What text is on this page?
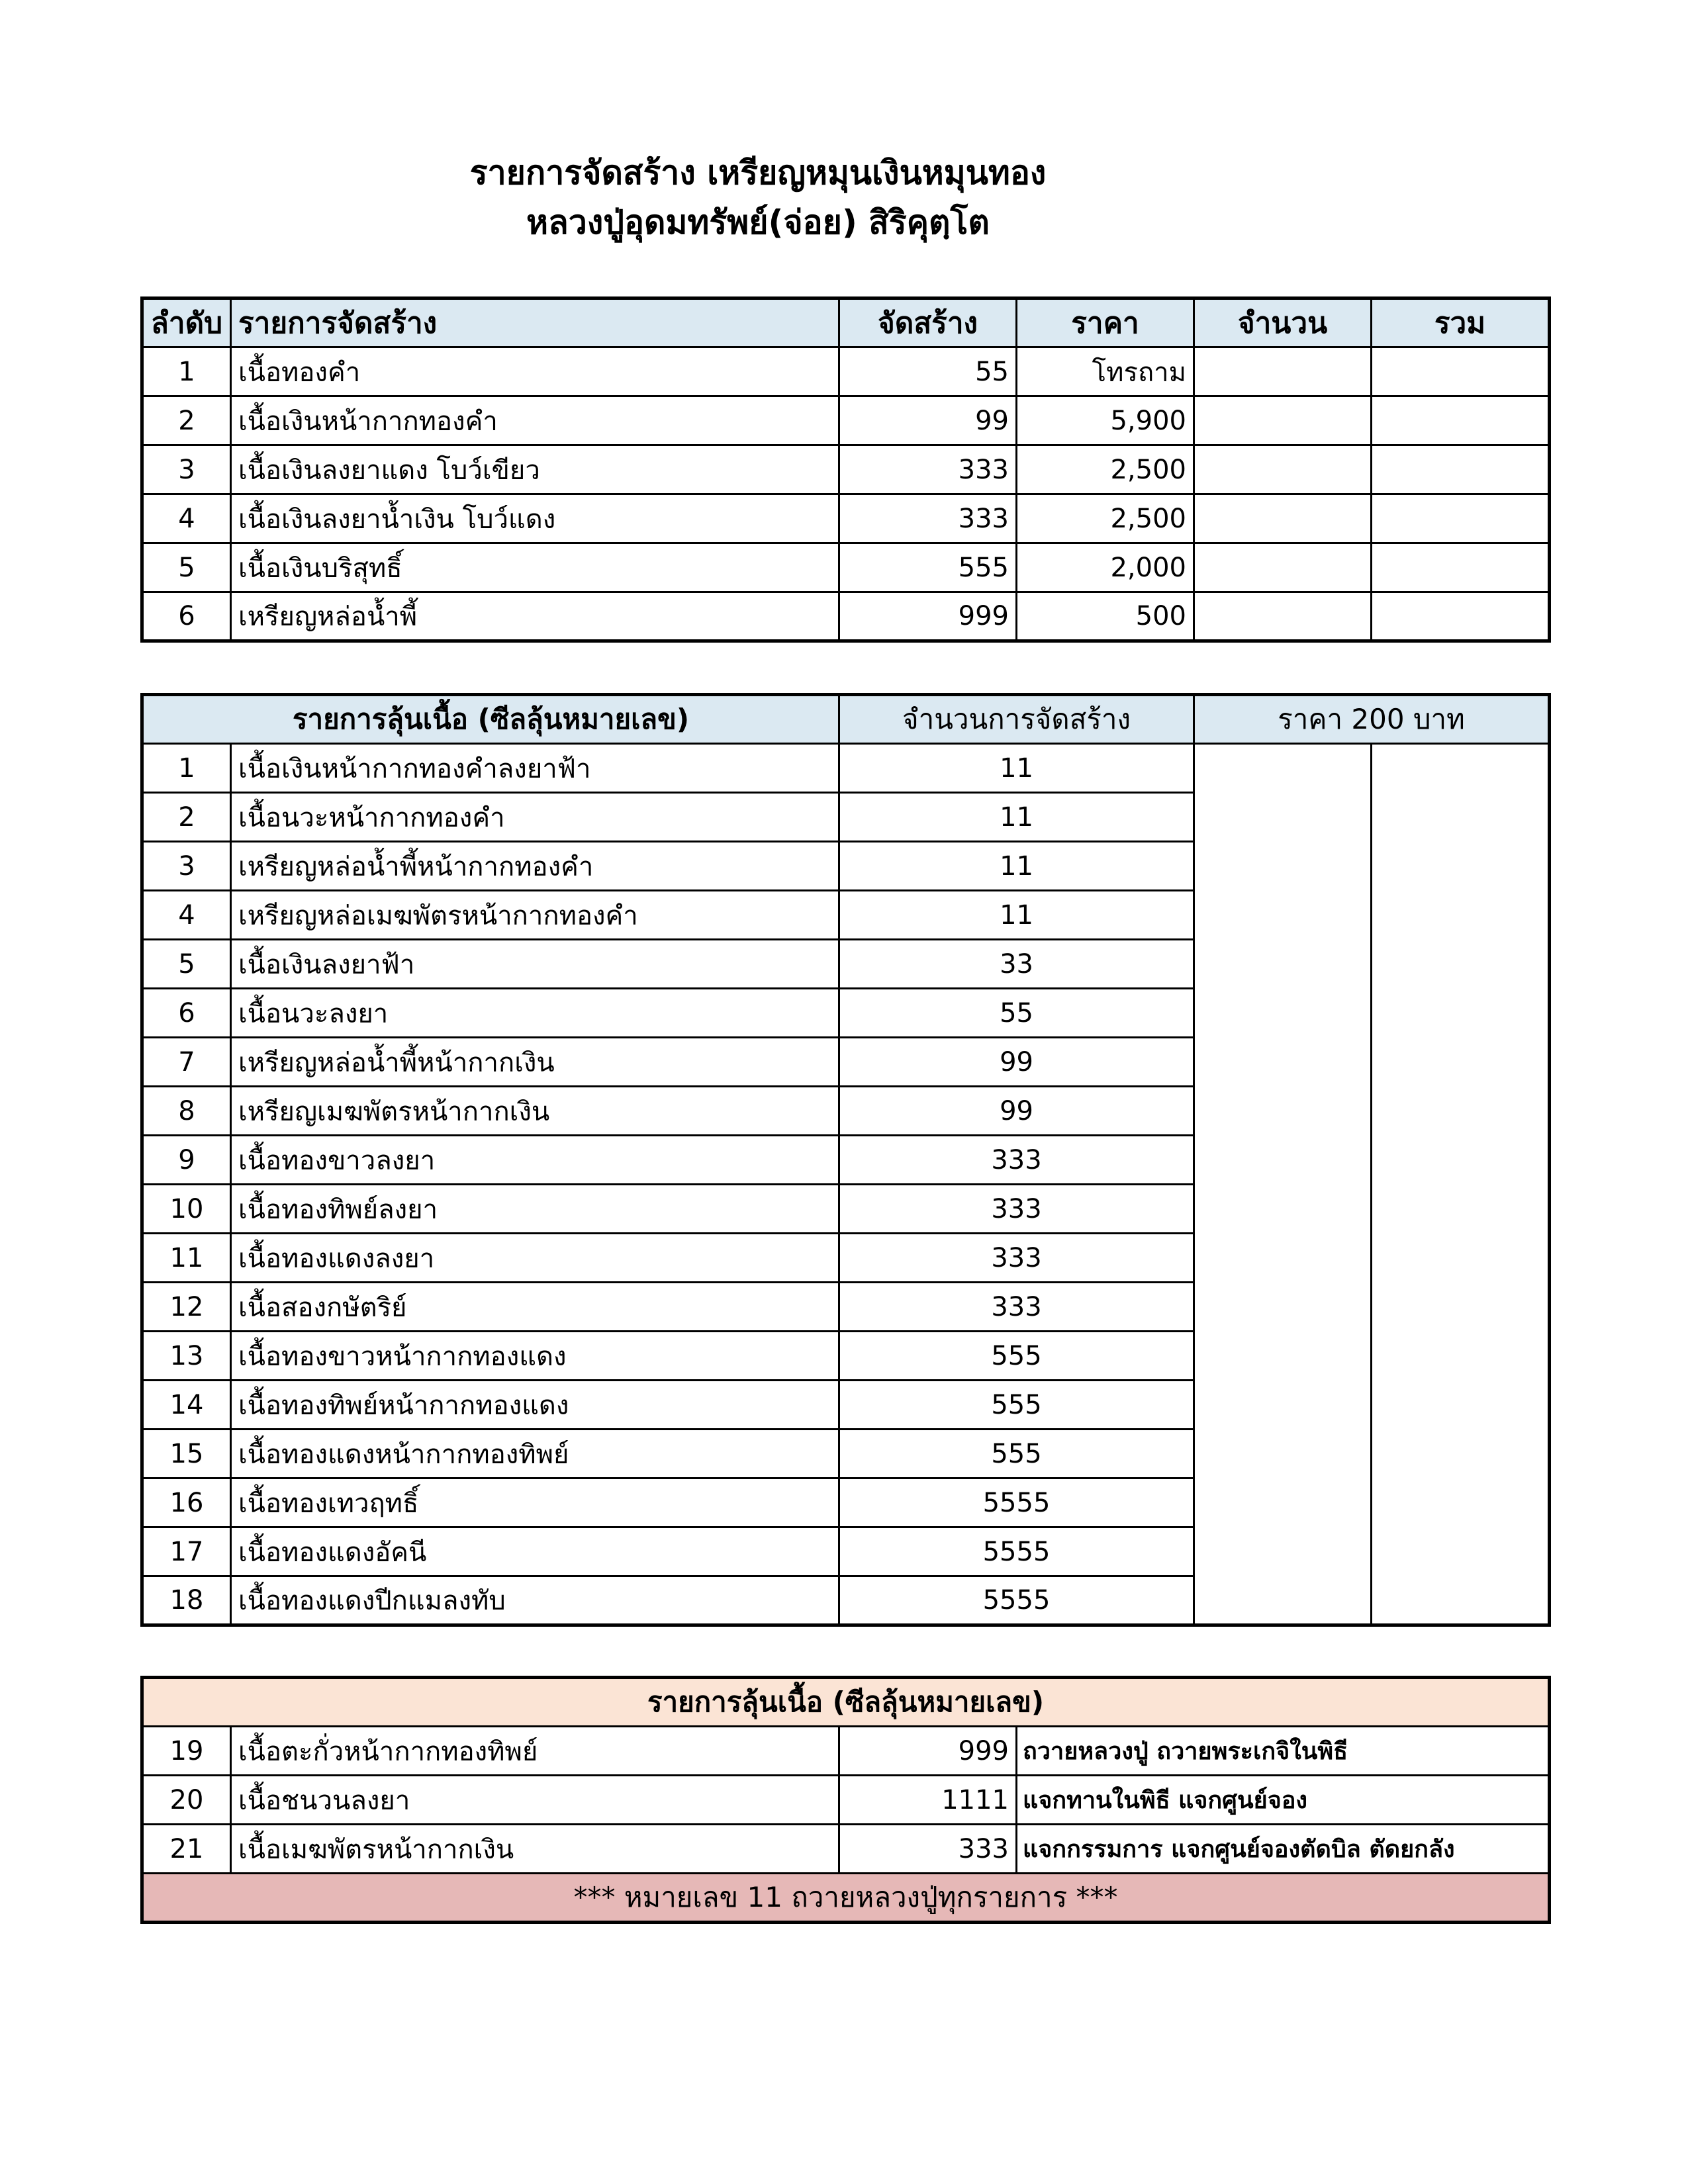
รายการจัดสร้าง เหรียญหมุนเงินหมุนทอง
หลวงปู่อุดมทรัพย์(จ่อย) สิริคุตฺโต
ลำดับ	รายการจัดสร้าง	จัดสร้าง	ราคา	จำนวน	รวม
1	เนื้อทองคำ	55	โทรถาม		
2	เนื้อเงินหน้ากากทองคำ	99	5,900		
3	เนื้อเงินลงยาแดง โบว์เขียว	333	2,500		
4	เนื้อเงินลงยาน้ำเงิน โบว์แดง	333	2,500		
5	เนื้อเงินบริสุทธิ์	555	2,000		
6	เหรียญหล่อน้ำพี้	999	500		
รายการลุ้นเนื้อ (ซีลลุ้นหมายเลข)		จำนวนการจัดสร้าง	ราคา 200 บาท	
1	เนื้อเงินหน้ากากทองคำลงยาฟ้า	11		
2	เนื้อนวะหน้ากากทองคำ	11		
3	เหรียญหล่อน้ำพี้หน้ากากทองคำ	11		
4	เหรียญหล่อเมฆพัตรหน้ากากทองคำ	11		
5	เนื้อเงินลงยาฟ้า	33		
6	เนื้อนวะลงยา	55		
7	เหรียญหล่อน้ำพี้หน้ากากเงิน	99		
8	เหรียญเมฆพัตรหน้ากากเงิน	99		
9	เนื้อทองขาวลงยา	333		
10	เนื้อทองทิพย์ลงยา	333		
11	เนื้อทองแดงลงยา	333		
12	เนื้อสองกษัตริย์	333		
13	เนื้อทองขาวหน้ากากทองแดง	555		
14	เนื้อทองทิพย์หน้ากากทองแดง	555		
15	เนื้อทองแดงหน้ากากทองทิพย์	555		
16	เนื้อทองเทวฤทธิ์	5555		
17	เนื้อทองแดงอัคนี	5555		
18	เนื้อทองแดงปีกแมลงทับ	5555		
รายการลุ้นเนื้อ (ซีลลุ้นหมายเลข)			
19	เนื้อตะกั่วหน้ากากทองทิพย์	999	ถวายหลวงปู่ ถวายพระเกจิในพิธี
20	เนื้อชนวนลงยา	1111	แจกทานในพิธี แจกศูนย์จอง
21	เนื้อเมฆพัตรหน้ากากเงิน	333	แจกกรรมการ แจกศูนย์จองตัดบิล ตัดยกลัง
*** หมายเลข 11 ถวายหลวงปู่ทุกรายการ ***			
